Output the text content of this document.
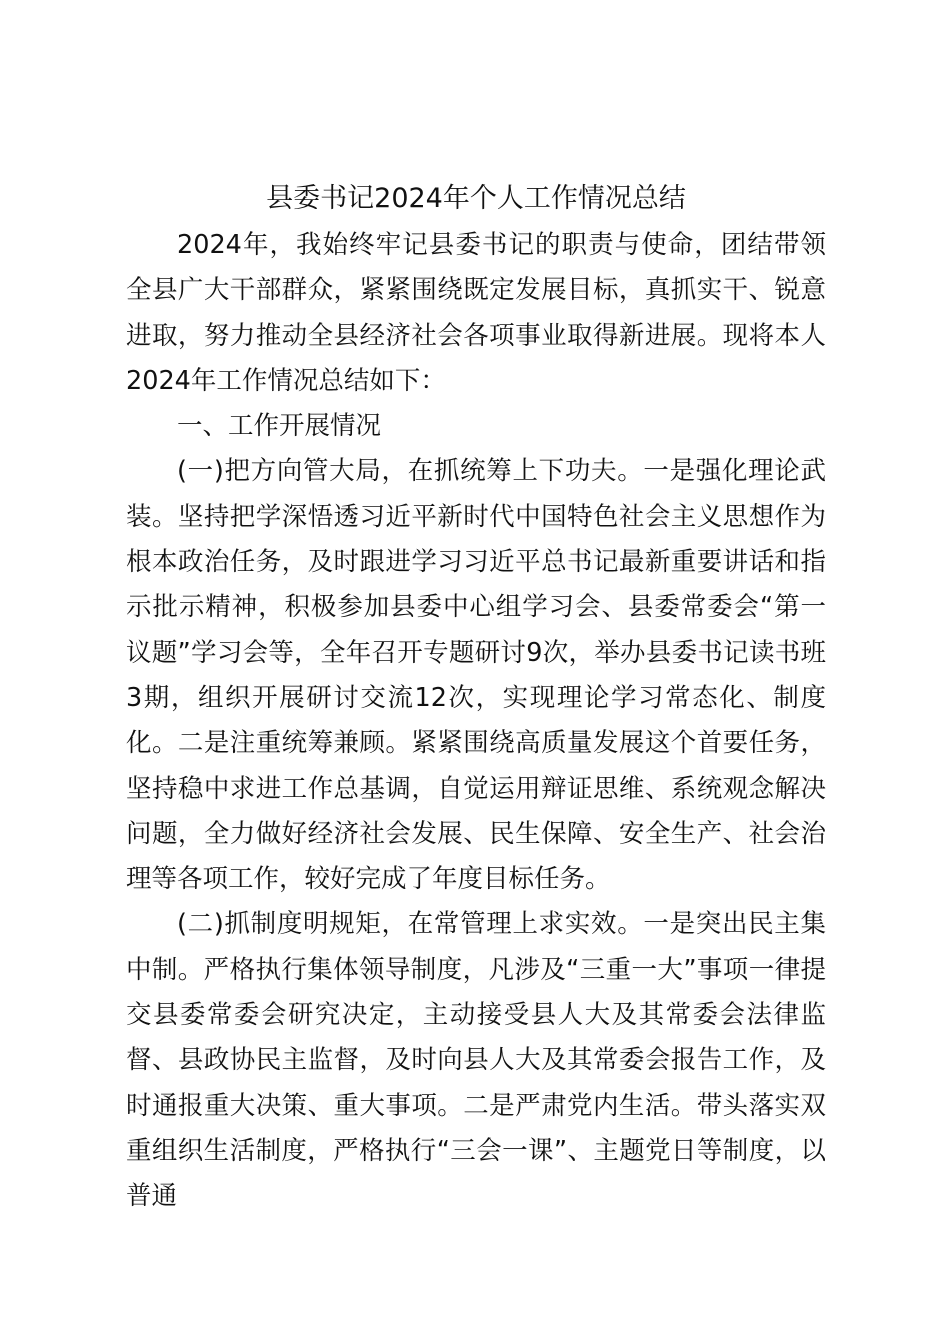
县委书记2024年个人工作情况总结

2024年，我始终牢记县委书记的职责与使命，团结带领全县广大干部群众，紧紧围绕既定发展目标，真抓实干、锐意进取，努力推动全县经济社会各项事业取得新进展。现将本人2024年工作情况总结如下：

一、工作开展情况

(一)把方向管大局，在抓统筹上下功夫。一是强化理论武装。坚持把学深悟透习近平新时代中国特色社会主义思想作为根本政治任务，及时跟进学习习近平总书记最新重要讲话和指示批示精神，积极参加县委中心组学习会、县委常委会“第一议题”学习会等，全年召开专题研讨9次，举办县委书记读书班3期，组织开展研讨交流12次，实现理论学习常态化、制度化。二是注重统筹兼顾。紧紧围绕高质量发展这个首要任务，坚持稳中求进工作总基调，自觉运用辩证思维、系统观念解决问题，全力做好经济社会发展、民生保障、安全生产、社会治理等各项工作，较好完成了年度目标任务。

(二)抓制度明规矩，在常管理上求实效。一是突出民主集中制。严格执行集体领导制度，凡涉及“三重一大”事项一律提交县委常委会研究决定，主动接受县人大及其常委会法律监督、县政协民主监督，及时向县人大及其常委会报告工作，及时通报重大决策、重大事项。二是严肃党内生活。带头落实双重组织生活制度，严格执行“三会一课”、主题党日等制度，以普通
